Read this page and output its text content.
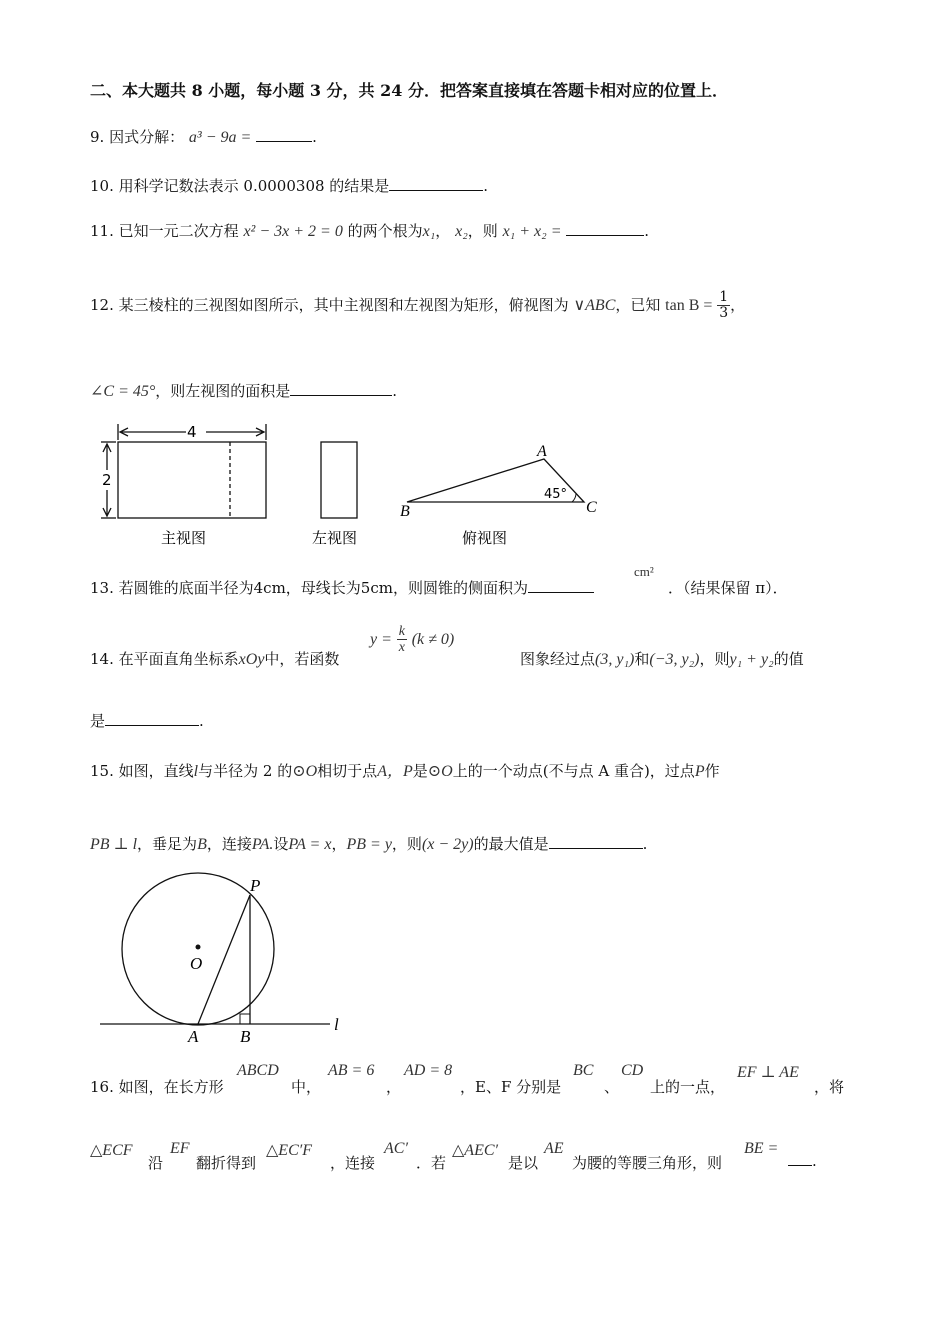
二、本大题共 8 小题，每小题 3 分，共 24 分．把答案直接填在答题卡相对应的位置上．
9. 因式分解： a³ − 9a =	.
10. 用科学记数法表示 0.0000308 的结果是	.
11. 已知一元二次方程 x² − 3x + 2 = 0 的两个根为x₁， x₂，则 x₁ + x₂ =	.
12. 某三棱柱的三视图如图所示，其中主视图和左视图为矩形，俯视图为 ∨ABC，已知 $\tan B = \frac{1}{3}$ ，
∠C = 45°，则左视图的面积是	.
4
2
A
B	C
45°
主视图	左视图	俯视图
13. 若圆锥的底面半径为4cm，母线长为5cm，则圆锥的侧面积为
cm²
．（结果保留 π）．
14. 在平面直角坐标系xOy中，若函数
$y = \frac{k}{x} (k \ne 0)$
图象经过点(3, y₁)和(−3, y₂)，则y₁ + y₂的值
是	.
15. 如图，直线l与半径为 2 的⊙O相切于点A，P是⊙O上的一个动点(不与点 A 重合)，过点P作
PB ⊥ l，垂足为B，连接PA.设PA = x，PB = y，则(x − 2y)的最大值是	.
P
O
A B
l
16. 如图，在长方形
ABCD
中，
AB = 6
，
AD = 8
，E、F 分别是
BC
、
CD
上的一点，
EF ⊥ AE
，将
△ECF
沿
EF
翻折得到
△EC′F
，连接
AC′
．若
△AEC′
是以
AE
为腰的等腰三角形，则
BE =
.
